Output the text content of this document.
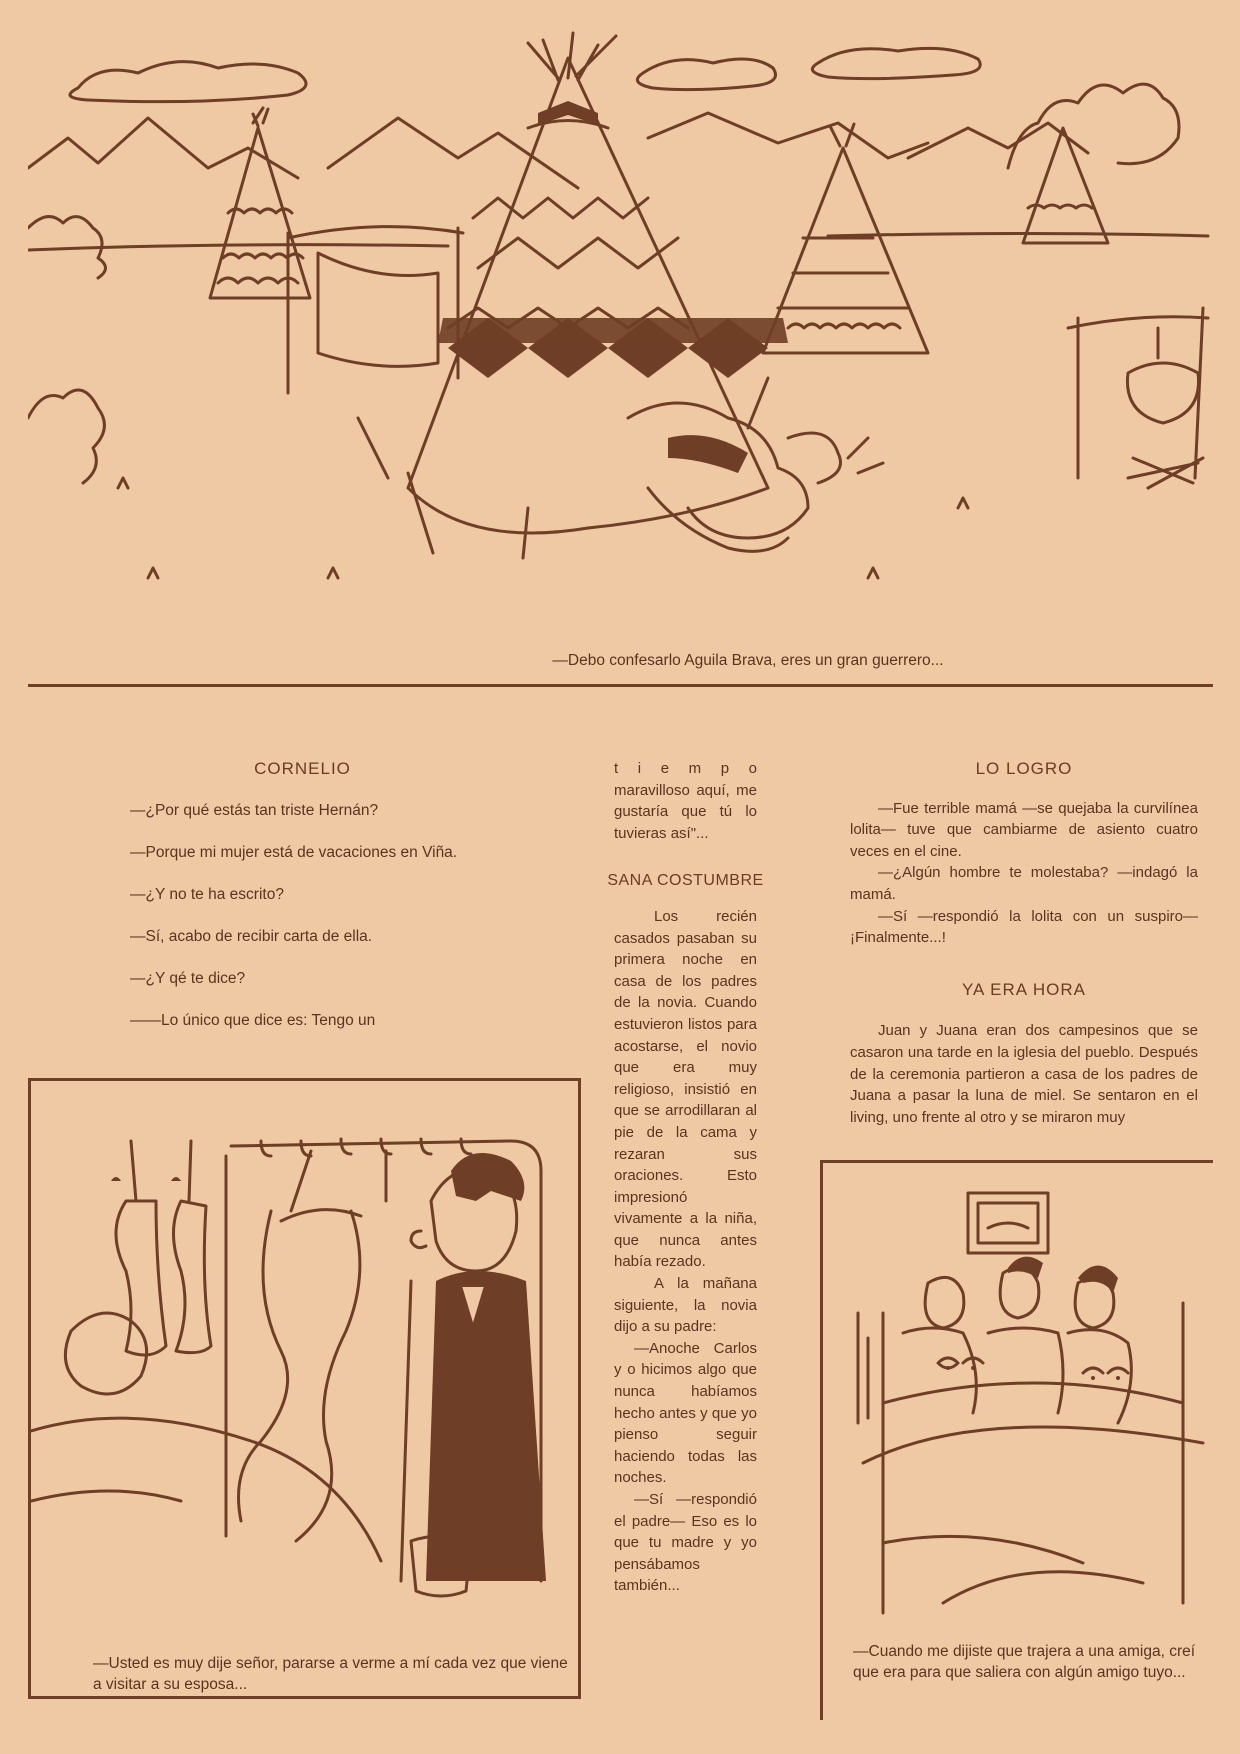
—Debo confesarlo Aguila Brava, eres un gran guerrero...
CORNELIO

—¿Por qué estás tan triste Hernán?

—Porque mi mujer está de vacaciones en Viña.

—¿Y no te ha escrito?

—Sí, acabo de recibir carta de ella.

—¿Y qé te dice?

——Lo único que dice es: Tengo un

—Usted es muy dije señor, pararse a verme a mí cada vez que viene a visitar a su esposa...

t i e m p o maravilloso aquí, me gustaría que tú lo tuvieras así"...

SANA COSTUMBRE

Los recién casados pasaban su primera noche en casa de los padres de la novia. Cuando estuvieron listos para acostarse, el novio que era muy religioso, insistió en que se arrodillaran al pie de la cama y rezaran sus oraciones. Esto impresionó vivamente a la niña, que nunca antes había rezado.

A la mañana siguiente, la novia dijo a su padre:

—Anoche Carlos y o hicimos algo que nunca habíamos hecho antes y que yo pienso seguir haciendo todas las noches.

—Sí —respondió el padre— Eso es lo que tu madre y yo pensábamos también...

LO LOGRO

—Fue terrible mamá —se quejaba la curvilínea lolita— tuve que cambiarme de asiento cuatro veces en el cine.

—¿Algún hombre te molestaba? —indagó la mamá.

—Sí —respondió la lolita con un suspiro— ¡Finalmente...!

YA ERA HORA

Juan y Juana eran dos campesinos que se casaron una tarde en la iglesia del pueblo. Después de la ceremonia partieron a casa de los padres de Juana a pasar la luna de miel. Se sentaron en el living, uno frente al otro y se miraron muy

—Cuando me dijiste que trajera a una amiga, creí que era para que saliera con algún amigo tuyo...
